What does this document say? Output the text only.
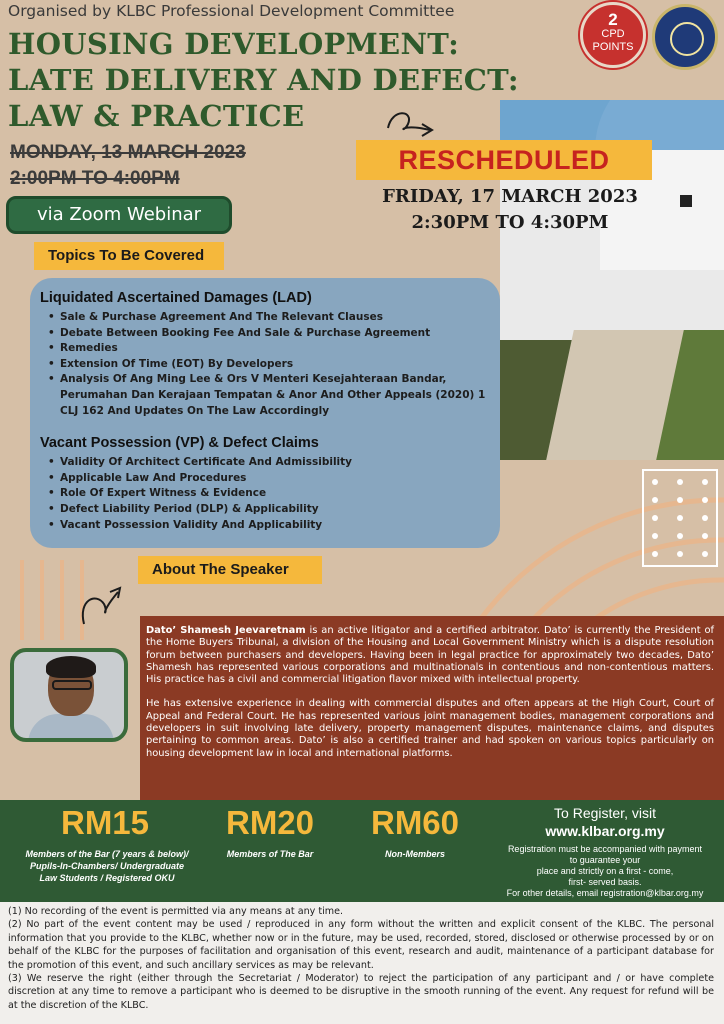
Organised by KLBC Professional Development Committee
HOUSING DEVELOPMENT:
LATE DELIVERY AND DEFECT:
LAW & PRACTICE
2
CPD
POINTS
MONDAY, 13 MARCH 2023
2:00PM TO 4:00PM
via Zoom Webinar
RESCHEDULED
FRIDAY, 17 MARCH 2023
2:30PM TO 4:30PM
Topics To Be Covered
Liquidated Ascertained Damages (LAD)
• Sale & Purchase Agreement And The Relevant Clauses
• Debate Between Booking Fee And Sale & Purchase Agreement
• Remedies
• Extension Of Time (EOT) By Developers
• Analysis Of Ang Ming Lee & Ors V Menteri Kesejahteraan Bandar, Perumahan Dan Kerajaan Tempatan & Anor And Other Appeals (2020) 1 CLJ 162 And Updates On The Law Accordingly
Vacant Possession (VP) & Defect Claims
• Validity Of Architect Certificate And Admissibility
• Applicable Law And Procedures
• Role Of Expert Witness & Evidence
• Defect Liability Period (DLP) & Applicability
• Vacant Possession Validity And Applicability
About The Speaker

Dato’ Shamesh Jeevaretnam is an active litigator and a certified arbitrator. Dato’ is currently the President of the Home Buyers Tribunal, a division of the Housing and Local Government Ministry which is a dispute resolution forum between purchasers and developers. Having been in legal practice for approximately two decades, Dato’ Shamesh has represented various corporations and multinationals in contentious and non-contentious matters. His practice has a civil and commercial litigation flavor mixed with intellectual property.

He has extensive experience in dealing with commercial disputes and often appears at the High Court, Court of Appeal and Federal Court. He has represented various joint management bodies, management corporations and developers in suit involving late delivery, property management disputes, maintenance claims, and disputes pertaining to common areas. Dato’ is also a certified trainer and had spoken on various topics particularly on housing development law in local and international platforms.

RM15
Members of the Bar (7 years & below)/
Pupils-In-Chambers/ Undergraduate
Law Students / Registered OKU
RM20
Members of The Bar
RM60
Non-Members
To Register, visit
www.klbar.org.my
Registration must be accompanied with payment
to guarantee your
place and strictly on a first - come,
first- served basis.
For other details, email registration@klbar.org.my
(1) No recording of the event is permitted via any means at any time.
(2) No part of the event content may be used / reproduced in any form without the written and explicit consent of the KLBC. The personal information that you provide to the KLBC, whether now or in the future, may be used, recorded, stored, disclosed or otherwise processed by or on behalf of the KLBC for the purposes of facilitation and organisation of this event, research and audit, maintenance of a participant database for the promotion of this event, and such ancillary services as may be relevant.
(3) We reserve the right (either through the Secretariat / Moderator) to reject the participation of any participant and / or have complete discretion at any time to remove a participant who is deemed to be disruptive in the smooth running of the event. Any request for refund will be at the discretion of the KLBC.
